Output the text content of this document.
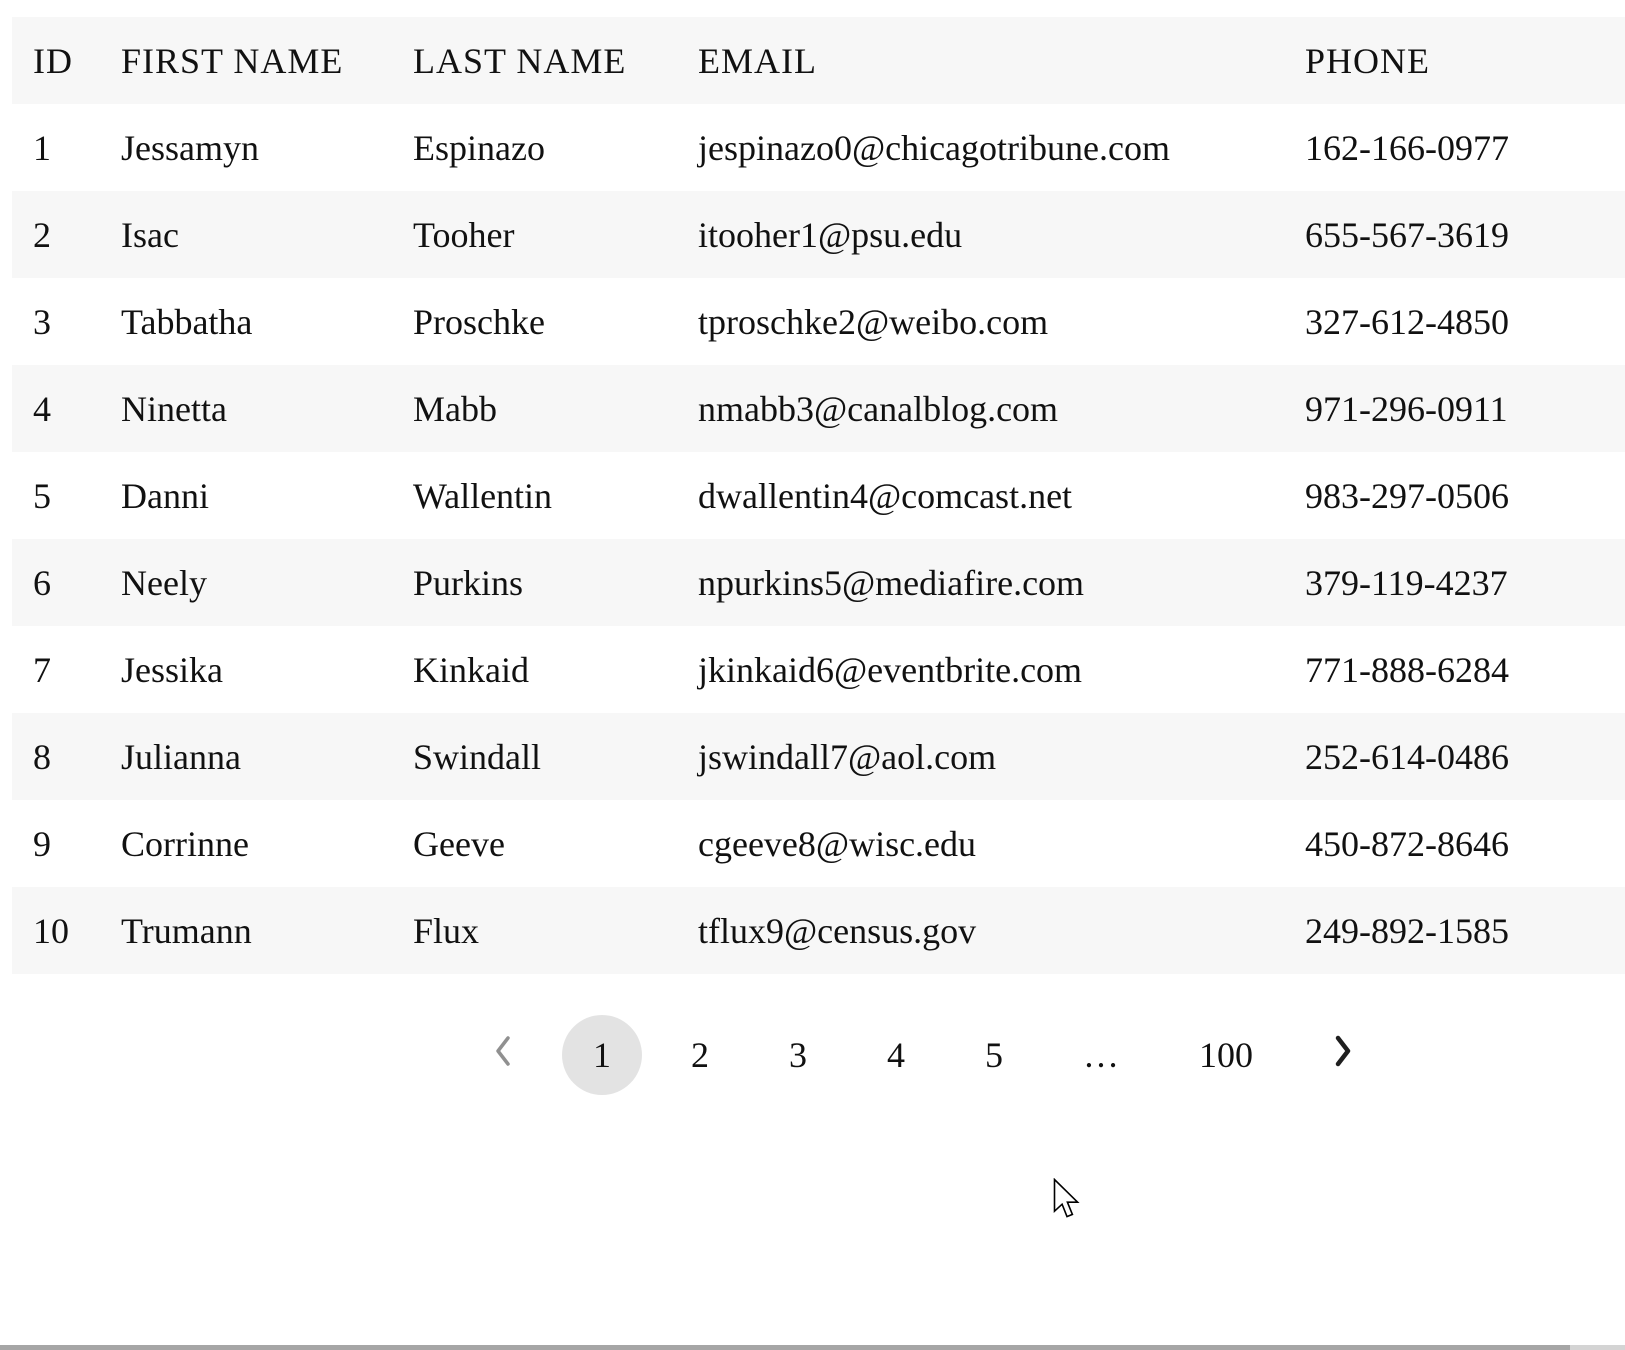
ID	FIRST NAME	LAST NAME	EMAIL	PHONE
1	Jessamyn	Espinazo	jespinazo0@chicagotribune.com	162-166-0977
2	Isac	Tooher	itooher1@psu.edu	655-567-3619
3	Tabbatha	Proschke	tproschke2@weibo.com	327-612-4850
4	Ninetta	Mabb	nmabb3@canalblog.com	971-296-0911
5	Danni	Wallentin	dwallentin4@comcast.net	983-297-0506
6	Neely	Purkins	npurkins5@mediafire.com	379-119-4237
7	Jessika	Kinkaid	jkinkaid6@eventbrite.com	771-888-6284
8	Julianna	Swindall	jswindall7@aol.com	252-614-0486
9	Corrinne	Geeve	cgeeve8@wisc.edu	450-872-8646
10	Trumann	Flux	tflux9@census.gov	249-892-1585
1 2 3 4 5 … 100
